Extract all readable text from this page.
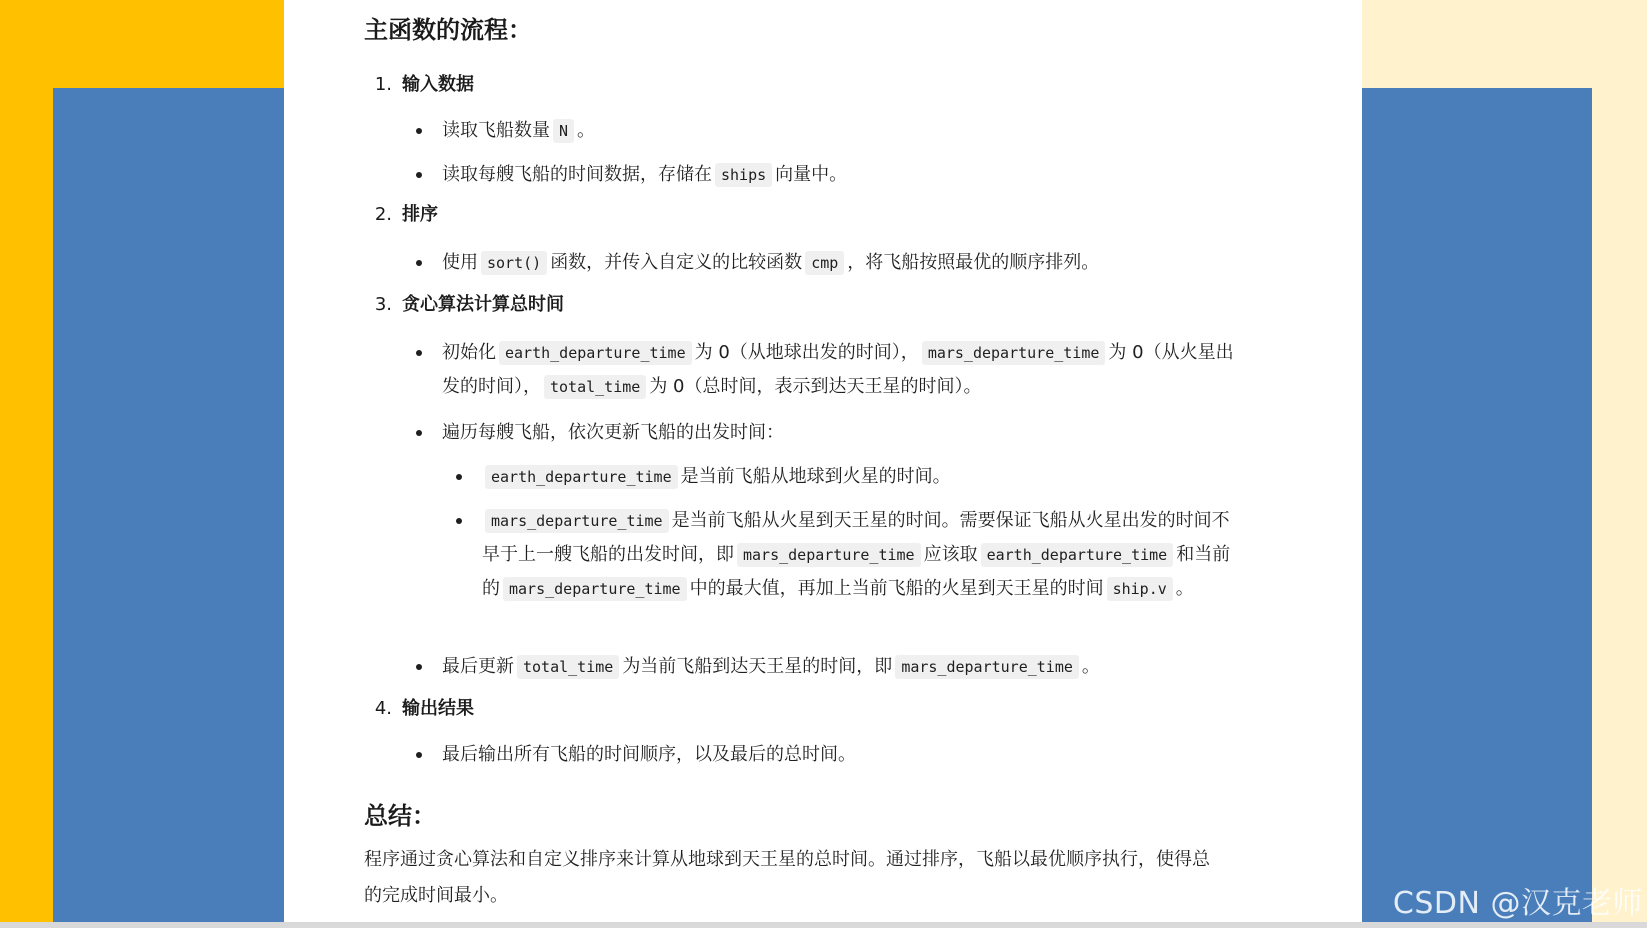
主函数的流程：
1. 输入数据
读取飞船数量 N 。
读取每艘飞船的时间数据，存储在 ships 向量中。
2. 排序
使用 sort() 函数，并传入自定义的比较函数 cmp ，将飞船按照最优的顺序排列。
3. 贪心算法计算总时间
初始化 earth_departure_time 为 0（从地球出发的时间）， mars_departure_time 为 0（从火星出发的时间）， total_time 为 0（总时间，表示到达天王星的时间）。
遍历每艘飞船，依次更新飞船的出发时间：
earth_departure_time 是当前飞船从地球到火星的时间。
mars_departure_time 是当前飞船从火星到天王星的时间。需要保证飞船从火星出发的时间不早于上一艘飞船的出发时间，即 mars_departure_time 应该取 earth_departure_time 和当前的 mars_departure_time 中的最大值，再加上当前飞船的火星到天王星的时间 ship.v 。
最后更新 total_time 为当前飞船到达天王星的时间，即 mars_departure_time 。
4. 输出结果
最后输出所有飞船的时间顺序，以及最后的总时间。
总结：
程序通过贪心算法和自定义排序来计算从地球到天王星的总时间。通过排序，飞船以最优顺序执行，使得总的完成时间最小。	CSDN @汉克老师
